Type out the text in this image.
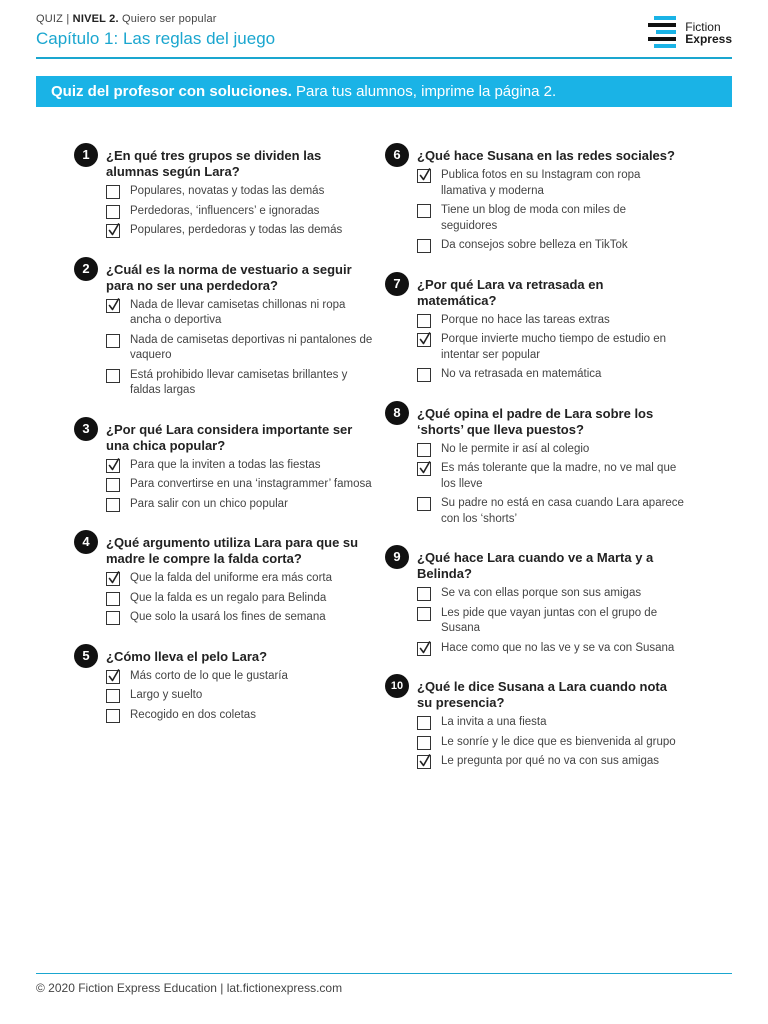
QUIZ | NIVEL 2. Quiero ser popular
Capítulo 1: Las reglas del juego
Fiction
Express
Quiz del profesor con soluciones. Para tus alumnos, imprime la página 2.
1	¿En qué tres grupos se dividen las alumnas según Lara?
Populares, novatas y todas las demás
Perdedoras, ‘influencers’ e ignoradas
Populares, perdedoras y todas las demás
2	¿Cuál es la norma de vestuario a seguir para no ser una perdedora?
Nada de llevar camisetas chillonas ni ropa ancha o deportiva
Nada de camisetas deportivas ni pantalones de vaquero
Está prohibido llevar camisetas brillantes y faldas largas
3	¿Por qué Lara considera importante ser una chica popular?
Para que la inviten a todas las fiestas
Para convertirse en una ‘instagrammer’ famosa
Para salir con un chico popular
4	¿Qué argumento utiliza Lara para que su madre le compre la falda corta?
Que la falda del uniforme era más corta
Que la falda es un regalo para Belinda
Que solo la usará los fines de semana
5	¿Cómo lleva el pelo Lara?
Más corto de lo que le gustaría
Largo y suelto
Recogido en dos coletas
6	¿Qué hace Susana en las redes sociales?
Publica fotos en su Instagram con ropa llamativa y moderna
Tiene un blog de moda con miles de seguidores
Da consejos sobre belleza en TikTok
7	¿Por qué Lara va retrasada en matemática?
Porque no hace las tareas extras
Porque invierte mucho tiempo de estudio en intentar ser popular
No va retrasada en matemática
8	¿Qué opina el padre de Lara sobre los ‘shorts’ que lleva puestos?
No le permite ir así al colegio
Es más tolerante que la madre, no ve mal que los lleve
Su padre no está en casa cuando Lara aparece con los ‘shorts’
9	¿Qué hace Lara cuando ve a Marta y a Belinda?
Se va con ellas porque son sus amigas
Les pide que vayan juntas con el grupo de Susana
Hace como que no las ve y se va con Susana
10	¿Qué le dice Susana a Lara cuando nota su presencia?
La invita a una fiesta
Le sonríe y le dice que es bienvenida al grupo
Le pregunta por qué no va con sus amigas
© 2020 Fiction Express Education | lat.fictionexpress.com
